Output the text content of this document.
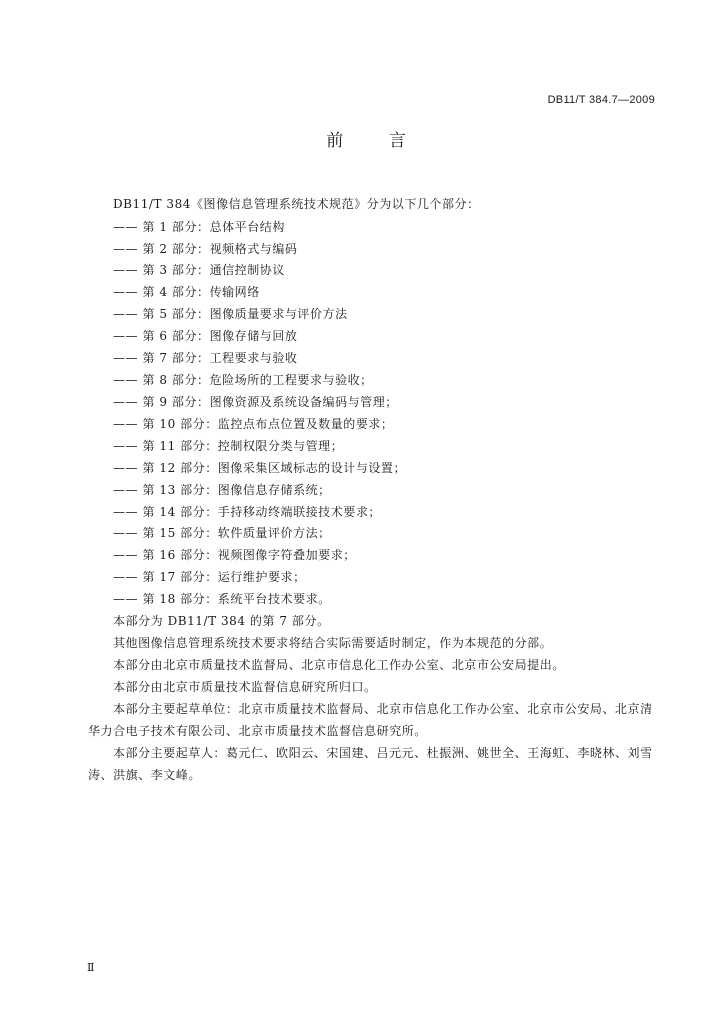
DB11/T 384.7—2009
前 言
DB11/T 384《图像信息管理系统技术规范》分为以下几个部分：
—— 第 1 部分：总体平台结构
—— 第 2 部分：视频格式与编码
—— 第 3 部分：通信控制协议
—— 第 4 部分：传输网络
—— 第 5 部分：图像质量要求与评价方法
—— 第 6 部分：图像存储与回放
—— 第 7 部分：工程要求与验收
—— 第 8 部分：危险场所的工程要求与验收；
—— 第 9 部分：图像资源及系统设备编码与管理；
—— 第 10 部分：监控点布点位置及数量的要求；
—— 第 11 部分：控制权限分类与管理；
—— 第 12 部分：图像采集区域标志的设计与设置；
—— 第 13 部分：图像信息存储系统；
—— 第 14 部分：手持移动终端联接技术要求；
—— 第 15 部分：软件质量评价方法；
—— 第 16 部分：视频图像字符叠加要求；
—— 第 17 部分：运行维护要求；
—— 第 18 部分：系统平台技术要求。
本部分为 DB11/T 384 的第 7 部分。
其他图像信息管理系统技术要求将结合实际需要适时制定，作为本规范的分部。
本部分由北京市质量技术监督局、北京市信息化工作办公室、北京市公安局提出。
本部分由北京市质量技术监督信息研究所归口。
本部分主要起草单位：北京市质量技术监督局、北京市信息化工作办公室、北京市公安局、北京清
华力合电子技术有限公司、北京市质量技术监督信息研究所。
本部分主要起草人：葛元仁、欧阳云、宋国建、吕元元、杜振洲、姚世全、王海虹、李晓林、刘雪
涛、洪旗、李文峰。
Ⅱ
